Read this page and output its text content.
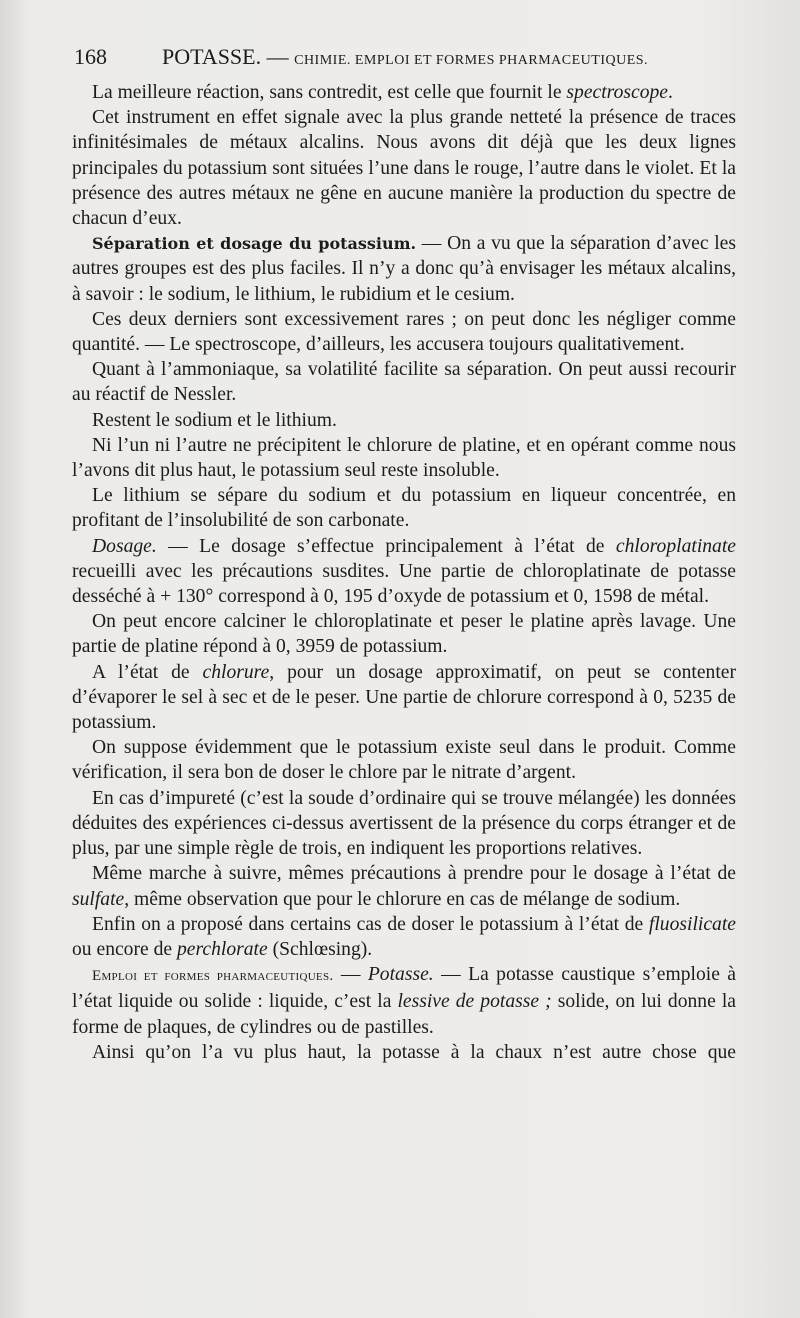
168	POTASSE. — CHIMIE. EMPLOI ET FORMES PHARMACEUTIQUES.

La meilleure réaction, sans contredit, est celle que fournit le spectroscope.

Cet instrument en effet signale avec la plus grande netteté la présence de traces infinitésimales de métaux alcalins. Nous avons dit déjà que les deux lignes principales du potassium sont situées l’une dans le rouge, l’autre dans le violet. Et la présence des autres métaux ne gêne en aucune manière la production du spectre de chacun d’eux.

Séparation et dosage du potassium. — On a vu que la séparation d’avec les autres groupes est des plus faciles. Il n’y a donc qu’à envisager les métaux alcalins, à savoir : le sodium, le lithium, le rubidium et le cesium.

Ces deux derniers sont excessivement rares ; on peut donc les négliger comme quantité. — Le spectroscope, d’ailleurs, les accusera toujours qualitativement.

Quant à l’ammoniaque, sa volatilité facilite sa séparation. On peut aussi recourir au réactif de Nessler.

Restent le sodium et le lithium.

Ni l’un ni l’autre ne précipitent le chlorure de platine, et en opérant comme nous l’avons dit plus haut, le potassium seul reste insoluble.

Le lithium se sépare du sodium et du potassium en liqueur concentrée, en profitant de l’insolubilité de son carbonate.

Dosage. — Le dosage s’effectue principalement à l’état de chloroplatinate recueilli avec les précautions susdites. Une partie de chloroplatinate de potasse desséché à + 130° correspond à 0, 195 d’oxyde de potassium et 0, 1598 de métal.

On peut encore calciner le chloroplatinate et peser le platine après lavage. Une partie de platine répond à 0, 3959 de potassium.

A l’état de chlorure, pour un dosage approximatif, on peut se contenter d’évaporer le sel à sec et de le peser. Une partie de chlorure correspond à 0, 5235 de potassium.

On suppose évidemment que le potassium existe seul dans le produit. Comme vérification, il sera bon de doser le chlore par le nitrate d’argent.

En cas d’impureté (c’est la soude d’ordinaire qui se trouve mélangée) les données déduites des expériences ci-dessus avertissent de la présence du corps étranger et de plus, par une simple règle de trois, en indiquent les proportions relatives.

Même marche à suivre, mêmes précautions à prendre pour le dosage à l’état de sulfate, même observation que pour le chlorure en cas de mélange de sodium.

Enfin on a proposé dans certains cas de doser le potassium à l’état de fluosilicate ou encore de perchlorate (Schlœsing).

Emploi et formes pharmaceutiques. — Potasse. — La potasse caustique s’emploie à l’état liquide ou solide : liquide, c’est la lessive de potasse ; solide, on lui donne la forme de plaques, de cylindres ou de pastilles.

Ainsi qu’on l’a vu plus haut, la potasse à la chaux n’est autre chose que
